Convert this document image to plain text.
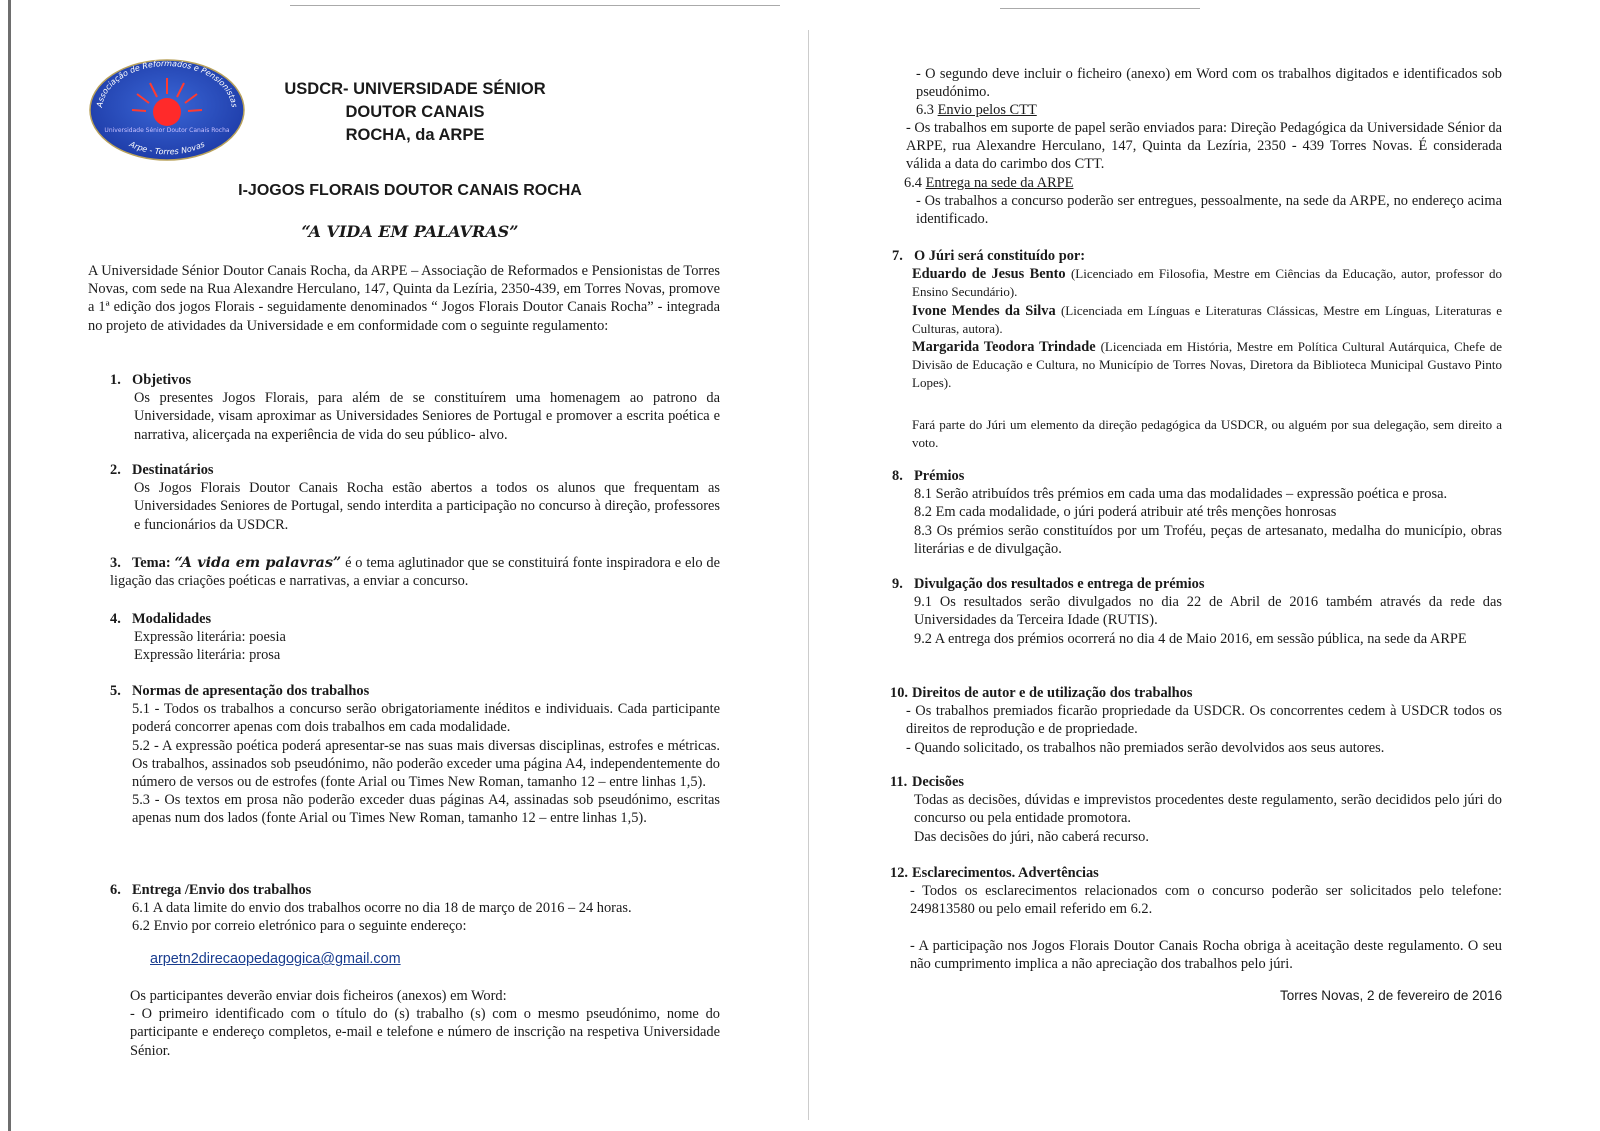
Associação de Reformados e Pensionistas
Universidade Sénior Doutor Canais Rocha
Arpe - Torres Novas
USDCR- UNIVERSIDADE SÉNIOR DOUTOR CANAIS
ROCHA, da ARPE
I-JOGOS FLORAIS DOUTOR CANAIS ROCHA
“A VIDA EM PALAVRAS”
A Universidade Sénior Doutor Canais Rocha, da ARPE – Associação de Reformados e Pensionistas de Torres Novas, com sede na Rua Alexandre Herculano, 147, Quinta da Lezíria, 2350-439, em Torres Novas, promove a 1ª edição dos jogos Florais - seguidamente denominados “ Jogos Florais Doutor Canais Rocha” - integrada no projeto de atividades da Universidade e em conformidade com o seguinte regulamento:
1. Objetivos
Os presentes Jogos Florais, para além de se constituírem uma homenagem ao patrono da Universidade, visam aproximar as Universidades Seniores de Portugal e promover a escrita poética e narrativa, alicerçada na experiência de vida do seu público- alvo.
2. Destinatários
Os Jogos Florais Doutor Canais Rocha estão abertos a todos os alunos que frequentam as Universidades Seniores de Portugal, sendo interdita a participação no concurso à direção, professores e funcionários da USDCR.
3. Tema: “A vida em palavras” é o tema aglutinador que se constituirá fonte inspiradora e elo de ligação das criações poéticas e narrativas, a enviar a concurso.
4. Modalidades
Expressão literária: poesia
Expressão literária: prosa
5. Normas de apresentação dos trabalhos
5.1 - Todos os trabalhos a concurso serão obrigatoriamente inéditos e individuais. Cada participante poderá concorrer apenas com dois trabalhos em cada modalidade.
5.2 - A expressão poética poderá apresentar-se nas suas mais diversas disciplinas, estrofes e métricas. Os trabalhos, assinados sob pseudónimo, não poderão exceder uma página A4, independentemente do número de versos ou de estrofes (fonte Arial ou Times New Roman, tamanho 12 – entre linhas 1,5).
5.3 - Os textos em prosa não poderão exceder duas páginas A4, assinadas sob pseudónimo, escritas apenas num dos lados (fonte Arial ou Times New Roman, tamanho 12 – entre linhas 1,5).
6. Entrega /Envio dos trabalhos
6.1 A data limite do envio dos trabalhos ocorre no dia 18 de março de 2016 – 24 horas.
6.2 Envio por correio eletrónico para o seguinte endereço:
arpetn2direcaopedagogica@gmail.com
Os participantes deverão enviar dois ficheiros (anexos) em Word:
- O primeiro identificado com o título do (s) trabalho (s) com o mesmo pseudónimo, nome do participante e endereço completos, e-mail e telefone e número de inscrição na respetiva Universidade Sénior.
- O segundo deve incluir o ficheiro (anexo) em Word com os trabalhos digitados e identificados sob pseudónimo.
6.3 Envio pelos CTT
- Os trabalhos em suporte de papel serão enviados para: Direção Pedagógica da Universidade Sénior da ARPE, rua Alexandre Herculano, 147, Quinta da Lezíria, 2350 - 439 Torres Novas. É considerada válida a data do carimbo dos CTT.
6.4 Entrega na sede da ARPE
- Os trabalhos a concurso poderão ser entregues, pessoalmente, na sede da ARPE, no endereço acima identificado.
7. O Júri será constituído por:
Eduardo de Jesus Bento (Licenciado em Filosofia, Mestre em Ciências da Educação, autor, professor do Ensino Secundário).
Ivone Mendes da Silva (Licenciada em Línguas e Literaturas Clássicas, Mestre em Línguas, Literaturas e Culturas, autora).
Margarida Teodora Trindade (Licenciada em História, Mestre em Política Cultural Autárquica, Chefe de Divisão de Educação e Cultura, no Município de Torres Novas, Diretora da Biblioteca Municipal Gustavo Pinto Lopes).
Fará parte do Júri um elemento da direção pedagógica da USDCR, ou alguém por sua delegação, sem direito a voto.
8. Prémios
8.1 Serão atribuídos três prémios em cada uma das modalidades – expressão poética e prosa.
8.2 Em cada modalidade, o júri poderá atribuir até três menções honrosas
8.3 Os prémios serão constituídos por um Troféu, peças de artesanato, medalha do município, obras literárias e de divulgação.
9. Divulgação dos resultados e entrega de prémios
9.1 Os resultados serão divulgados no dia 22 de Abril de 2016 também através da rede das Universidades da Terceira Idade (RUTIS).
9.2 A entrega dos prémios ocorrerá no dia 4 de Maio 2016, em sessão pública, na sede da ARPE
10. Direitos de autor e de utilização dos trabalhos
- Os trabalhos premiados ficarão propriedade da USDCR. Os concorrentes cedem à USDCR todos os direitos de reprodução e de propriedade.
- Quando solicitado, os trabalhos não premiados serão devolvidos aos seus autores.
11. Decisões
Todas as decisões, dúvidas e imprevistos procedentes deste regulamento, serão decididos pelo júri do concurso ou pela entidade promotora.
Das decisões do júri, não caberá recurso.
12. Esclarecimentos. Advertências
- Todos os esclarecimentos relacionados com o concurso poderão ser solicitados pelo telefone: 249813580 ou pelo email referido em 6.2.
- A participação nos Jogos Florais Doutor Canais Rocha obriga à aceitação deste regulamento. O seu não cumprimento implica a não apreciação dos trabalhos pelo júri.
Torres Novas, 2 de fevereiro de 2016
